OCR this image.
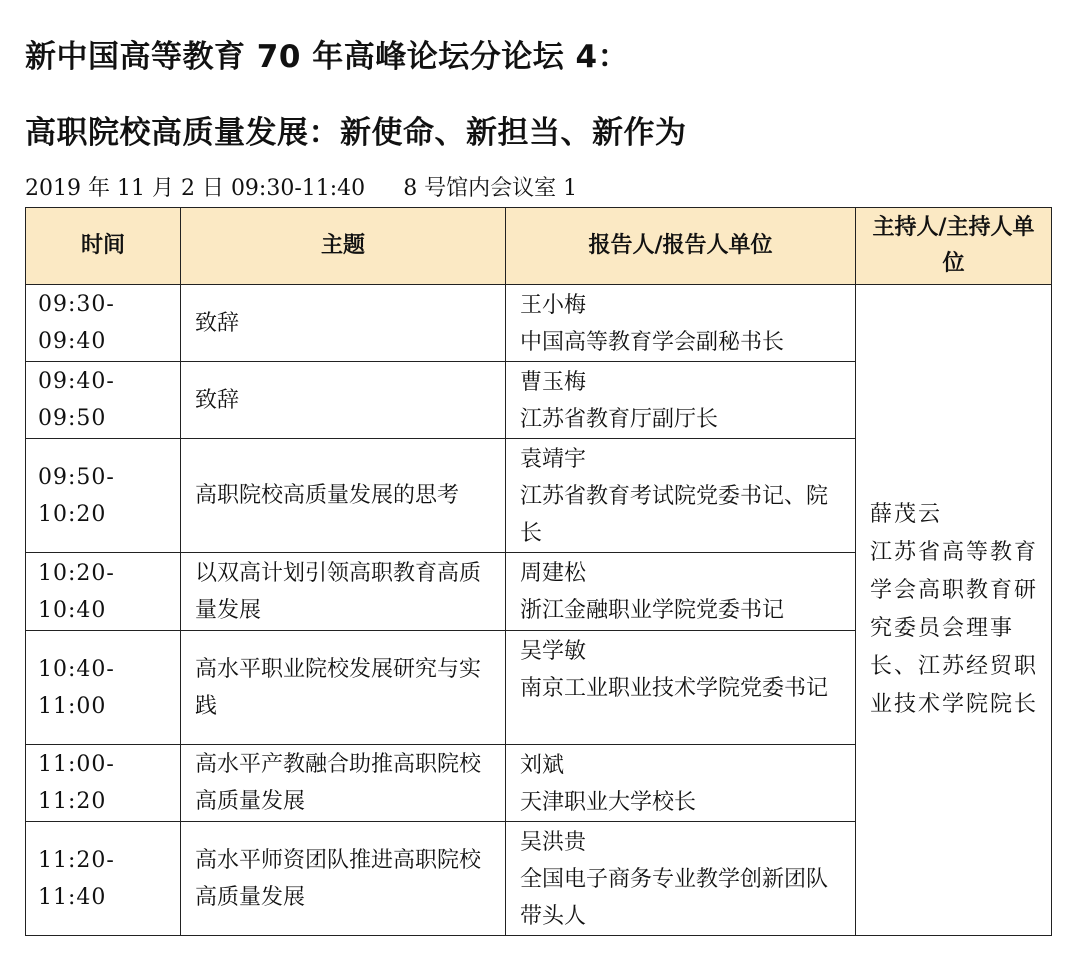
新中国高等教育 70 年高峰论坛分论坛 4：
高职院校高质量发展：新使命、新担当、新作为
2019 年 11 月 2 日 09:30-11:40 8 号馆内会议室 1
时间	主题	报告人/报告人单位	主持人/主持人单位

09:30-
09:40	致辞	王小梅
中国高等教育学会副秘书长	薛茂云
江苏省高等教育学会高职教育研究委员会理事长、江苏经贸职业技术学院院长

09:40-
09:50	致辞	曹玉梅
江苏省教育厅副厅长	

09:50-
10:20	高职院校高质量发展的思考	袁靖宇
江苏省教育考试院党委书记、院长	

10:20-
10:40	以双高计划引领高职教育高质量发展	周建松
浙江金融职业学院党委书记	

10:40-
11:00	高水平职业院校发展研究与实践	吴学敏
南京工业职业技术学院党委书记	

11:00-
11:20	高水平产教融合助推高职院校高质量发展	刘斌
天津职业大学校长	

11:20-
11:40	高水平师资团队推进高职院校高质量发展	吴洪贵
全国电子商务专业教学创新团队带头人	
